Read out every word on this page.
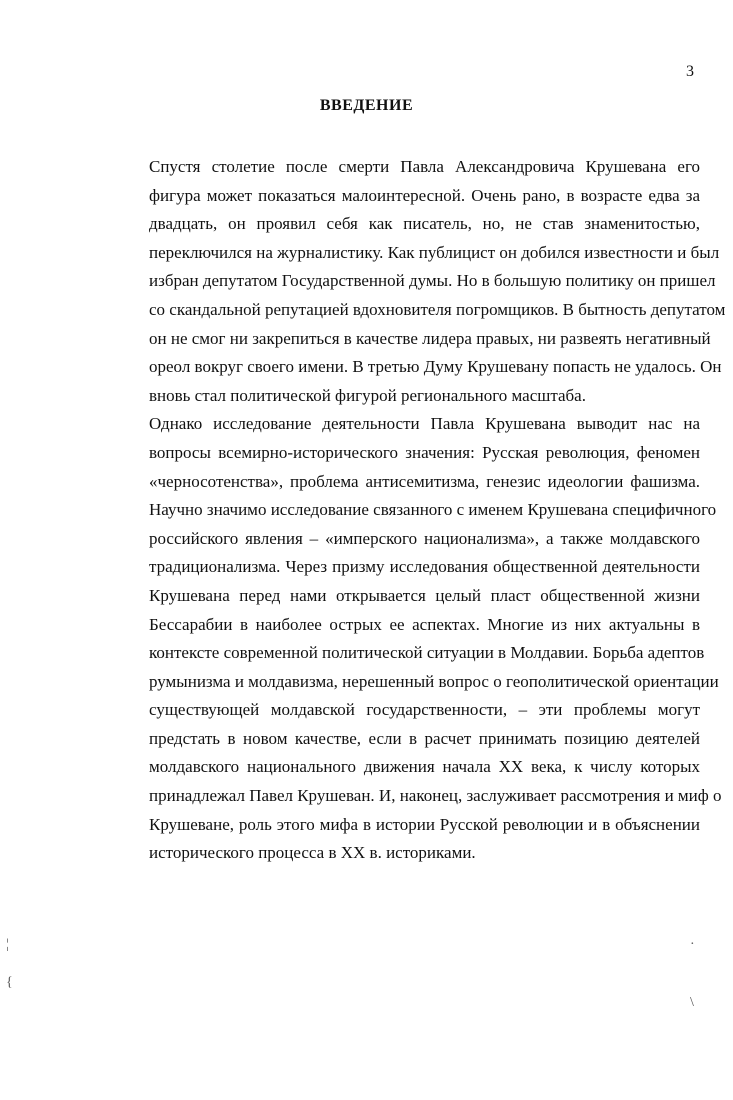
3
ВВЕДЕНИЕ

Спустя столетие после смерти Павла Александровича Крушевана его
фигура может показаться малоинтересной. Очень рано, в возрасте едва за
двадцать, он проявил себя как писатель, но, не став знаменитостью,
переключился на журналистику. Как публицист он добился известности и был
избран депутатом Государственной думы. Но в большую политику он пришел
со скандальной репутацией вдохновителя погромщиков. В бытность депутатом
он не смог ни закрепиться в качестве лидера правых, ни развеять негативный
ореол вокруг своего имени. В третью Думу Крушевану попасть не удалось. Он
вновь стал политической фигурой регионального масштаба.

Однако исследование деятельности Павла Крушевана выводит нас на
вопросы всемирно-исторического значения: Русская революция, феномен
«черносотенства», проблема антисемитизма, генезис идеологии фашизма.
Научно значимо исследование связанного с именем Крушевана специфичного
российского явления – «имперского национализма», а также молдавского
традиционализма. Через призму исследования общественной деятельности
Крушевана перед нами открывается целый пласт общественной жизни
Бессарабии в наиболее острых ее аспектах. Многие из них актуальны в
контексте современной политической ситуации в Молдавии. Борьба адептов
румынизма и молдавизма, нерешенный вопрос о геополитической ориентации
существующей молдавской государственности, – эти проблемы могут
предстать в новом качестве, если в расчет принимать позицию деятелей
молдавского национального движения начала XX века, к числу которых
принадлежал Павел Крушеван. И, наконец, заслуживает рассмотрения и миф о
Крушеване, роль этого мифа в истории Русской революции и в объяснении
исторического процесса в XX в. историками.

¦
{
·
\
